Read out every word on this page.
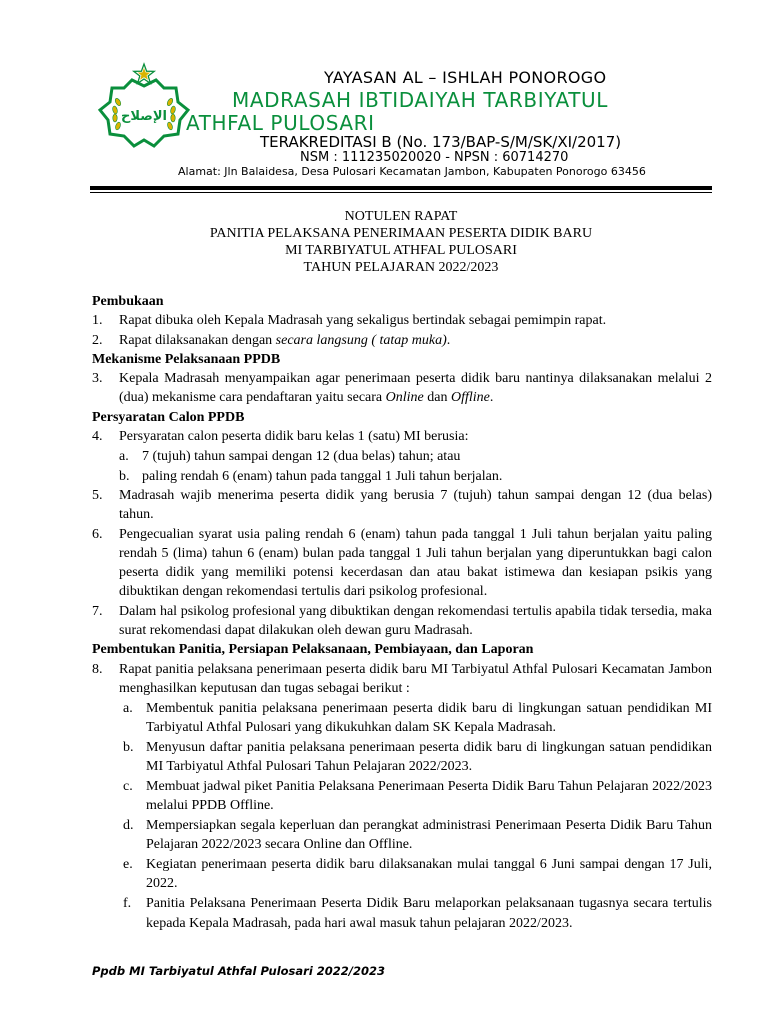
الإصلاح
YAYASAN AL – ISHLAH PONOROGO
MADRASAH IBTIDAIYAH TARBIYATUL
ATHFAL PULOSARI
TERAKREDITASI B (No. 173/BAP-S/M/SK/XI/2017)
NSM : 111235020020 - NPSN : 60714270
Alamat: Jln Balaidesa, Desa Pulosari Kecamatan Jambon, Kabupaten Ponorogo 63456
NOTULEN RAPAT
PANITIA PELAKSANA PENERIMAAN PESERTA DIDIK BARU
MI TARBIYATUL ATHFAL PULOSARI
TAHUN PELAJARAN 2022/2023
Pembukaan
1. Rapat dibuka oleh Kepala Madrasah yang sekaligus bertindak sebagai pemimpin rapat.
2. Rapat dilaksanakan dengan secara langsung ( tatap muka).
Mekanisme Pelaksanaan PPDB
3. Kepala Madrasah menyampaikan agar penerimaan peserta didik baru nantinya dilaksanakan melalui 2 (dua) mekanisme cara pendaftaran yaitu secara Online dan Offline.
Persyaratan Calon PPDB
4. Persyaratan calon peserta didik baru kelas 1 (satu) MI berusia:
a. 7 (tujuh) tahun sampai dengan 12 (dua belas) tahun; atau
b. paling rendah 6 (enam) tahun pada tanggal 1 Juli tahun berjalan.
5. Madrasah wajib menerima peserta didik yang berusia 7 (tujuh) tahun sampai dengan 12 (dua belas) tahun.
6. Pengecualian syarat usia paling rendah 6 (enam) tahun pada tanggal 1 Juli tahun berjalan yaitu paling rendah 5 (lima) tahun 6 (enam) bulan pada tanggal 1 Juli tahun berjalan yang diperuntukkan bagi calon peserta didik yang memiliki potensi kecerdasan dan atau bakat istimewa dan kesiapan psikis yang dibuktikan dengan rekomendasi tertulis dari psikolog profesional.
7. Dalam hal psikolog profesional yang dibuktikan dengan rekomendasi tertulis apabila tidak tersedia, maka surat rekomendasi dapat dilakukan oleh dewan guru Madrasah.
Pembentukan Panitia, Persiapan Pelaksanaan, Pembiayaan, dan Laporan
8. Rapat panitia pelaksana penerimaan peserta didik baru MI Tarbiyatul Athfal Pulosari Kecamatan Jambon menghasilkan keputusan dan tugas sebagai berikut :
a. Membentuk panitia pelaksana penerimaan peserta didik baru di lingkungan satuan pendidikan MI Tarbiyatul Athfal Pulosari yang dikukuhkan dalam SK Kepala Madrasah.
b. Menyusun daftar panitia pelaksana penerimaan peserta didik baru di lingkungan satuan pendidikan MI Tarbiyatul Athfal Pulosari Tahun Pelajaran 2022/2023.
c. Membuat jadwal piket Panitia Pelaksana Penerimaan Peserta Didik Baru Tahun Pelajaran 2022/2023 melalui PPDB Offline.
d. Mempersiapkan segala keperluan dan perangkat administrasi Penerimaan Peserta Didik Baru Tahun Pelajaran 2022/2023 secara Online dan Offline.
e. Kegiatan penerimaan peserta didik baru dilaksanakan mulai tanggal 6 Juni sampai dengan 17 Juli, 2022.
f. Panitia Pelaksana Penerimaan Peserta Didik Baru melaporkan pelaksanaan tugasnya secara tertulis kepada Kepala Madrasah, pada hari awal masuk tahun pelajaran 2022/2023.
Ppdb MI Tarbiyatul Athfal Pulosari 2022/2023
